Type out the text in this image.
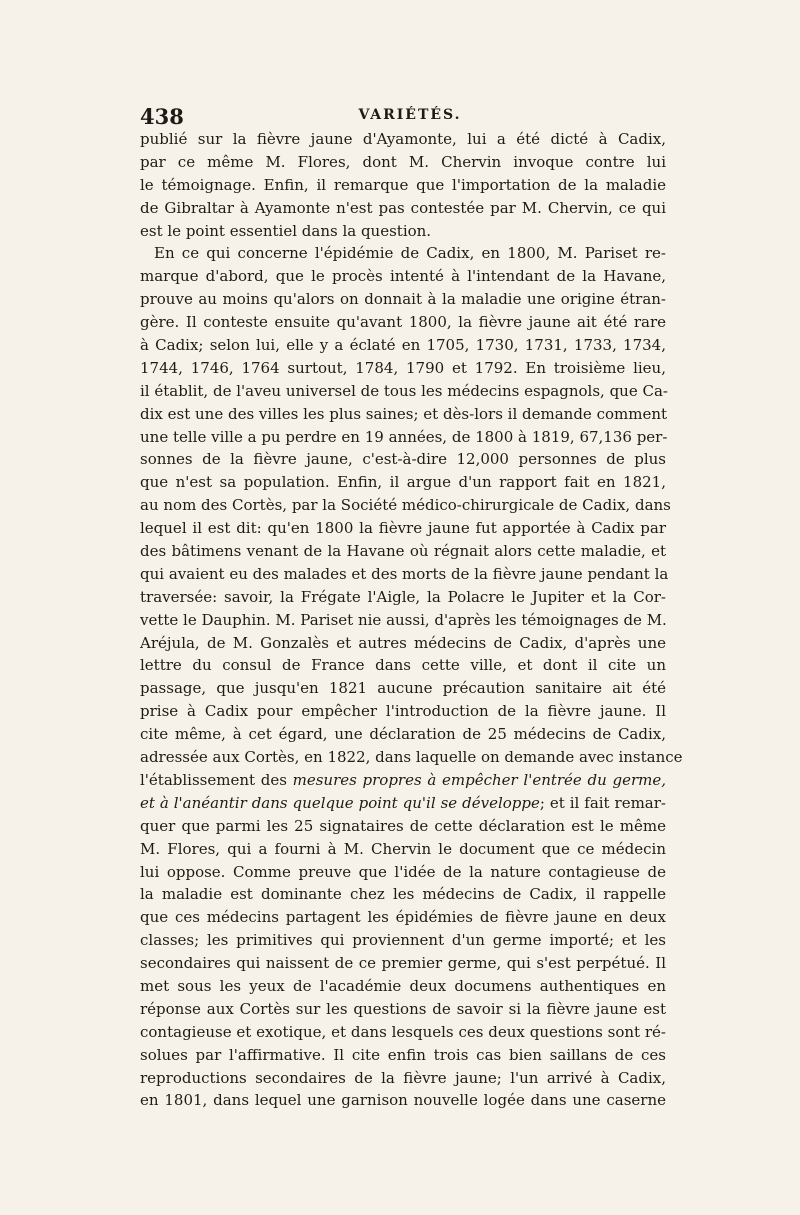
438	VARIÉTÉS.
publié sur la fièvre jaune d'Ayamonte, lui a été dicté à Cadix,
par ce même M. Flores, dont M. Chervin invoque contre lui
le témoignage. Enfin, il remarque que l'importation de la maladie
de Gibraltar à Ayamonte n'est pas contestée par M. Chervin, ce qui
est le point essentiel dans la question.
En ce qui concerne l'épidémie de Cadix, en 1800, M. Pariset re-
marque d'abord, que le procès intenté à l'intendant de la Havane,
prouve au moins qu'alors on donnait à la maladie une origine étran-
gère. Il conteste ensuite qu'avant 1800, la fièvre jaune ait été rare
à Cadix; selon lui, elle y a éclaté en 1705, 1730, 1731, 1733, 1734,
1744, 1746, 1764 surtout, 1784, 1790 et 1792. En troisième lieu,
il établit, de l'aveu universel de tous les médecins espagnols, que Ca-
dix est une des villes les plus saines; et dès-lors il demande comment
une telle ville a pu perdre en 19 années, de 1800 à 1819, 67,136 per-
sonnes de la fièvre jaune, c'est-à-dire 12,000 personnes de plus
que n'est sa population. Enfin, il argue d'un rapport fait en 1821,
au nom des Cortès, par la Société médico-chirurgicale de Cadix, dans
lequel il est dit: qu'en 1800 la fièvre jaune fut apportée à Cadix par
des bâtimens venant de la Havane où régnait alors cette maladie, et
qui avaient eu des malades et des morts de la fièvre jaune pendant la
traversée: savoir, la Frégate l'Aigle, la Polacre le Jupiter et la Cor-
vette le Dauphin. M. Pariset nie aussi, d'après les témoignages de M.
Aréjula, de M. Gonzalès et autres médecins de Cadix, d'après une
lettre du consul de France dans cette ville, et dont il cite un
passage, que jusqu'en 1821 aucune précaution sanitaire ait été
prise à Cadix pour empêcher l'introduction de la fièvre jaune. Il
cite même, à cet égard, une déclaration de 25 médecins de Cadix,
adressée aux Cortès, en 1822, dans laquelle on demande avec instance
l'établissement des mesures propres à empêcher l'entrée du germe,
et à l'anéantir dans quelque point qu'il se développe; et il fait remar-
quer que parmi les 25 signataires de cette déclaration est le même
M. Flores, qui a fourni à M. Chervin le document que ce médecin
lui oppose. Comme preuve que l'idée de la nature contagieuse de
la maladie est dominante chez les médecins de Cadix, il rappelle
que ces médecins partagent les épidémies de fièvre jaune en deux
classes; les primitives qui proviennent d'un germe importé; et les
secondaires qui naissent de ce premier germe, qui s'est perpétué. Il
met sous les yeux de l'académie deux documens authentiques en
réponse aux Cortès sur les questions de savoir si la fièvre jaune est
contagieuse et exotique, et dans lesquels ces deux questions sont ré-
solues par l'affirmative. Il cite enfin trois cas bien saillans de ces
reproductions secondaires de la fièvre jaune; l'un arrivé à Cadix,
en 1801, dans lequel une garnison nouvelle logée dans une caserne
